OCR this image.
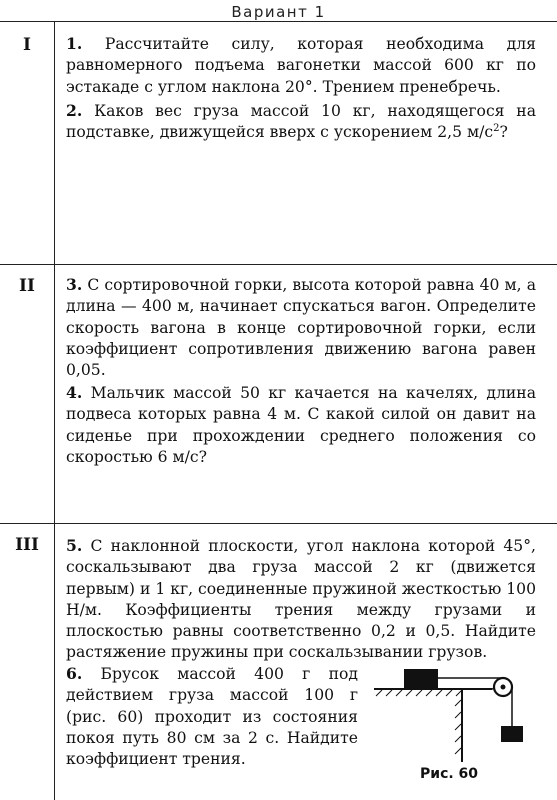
Вариант 1
I
II
III
1. Рассчитайте силу, которая необходима для равномерного подъема вагонетки массой 600 кг по эстакаде с углом наклона 20°. Трением пренебречь.
2. Каков вес груза массой 10 кг, находящегося на подставке, движущейся вверх с ускорением 2,5 $м/с^2$?
3. С сортировочной горки, высота которой равна 40 м, а длина — 400 м, начинает спускаться вагон. Определите скорость вагона в конце сортировочной горки, если коэффициент сопротивления движению вагона равен 0,05.
4. Мальчик массой 50 кг качается на качелях, длина подвеса которых равна 4 м. С какой силой он давит на сиденье при прохождении среднего положения со скоростью 6 м/с?
5. С наклонной плоскости, угол наклона которой 45°, соскальзывают два груза массой 2 кг (движется первым) и 1 кг, соединенные пружиной жесткостью 100 Н/м. Коэффициенты трения между грузами и плоскостью равны соответственно 0,2 и 0,5. Найдите растяжение пружины при соскальзывании грузов.
6. Брусок массой 400 г под действием груза массой 100 г (рис. 60) проходит из состояния покоя путь 80 см за 2 с. Найдите коэффициент трения.
Рис. 60
